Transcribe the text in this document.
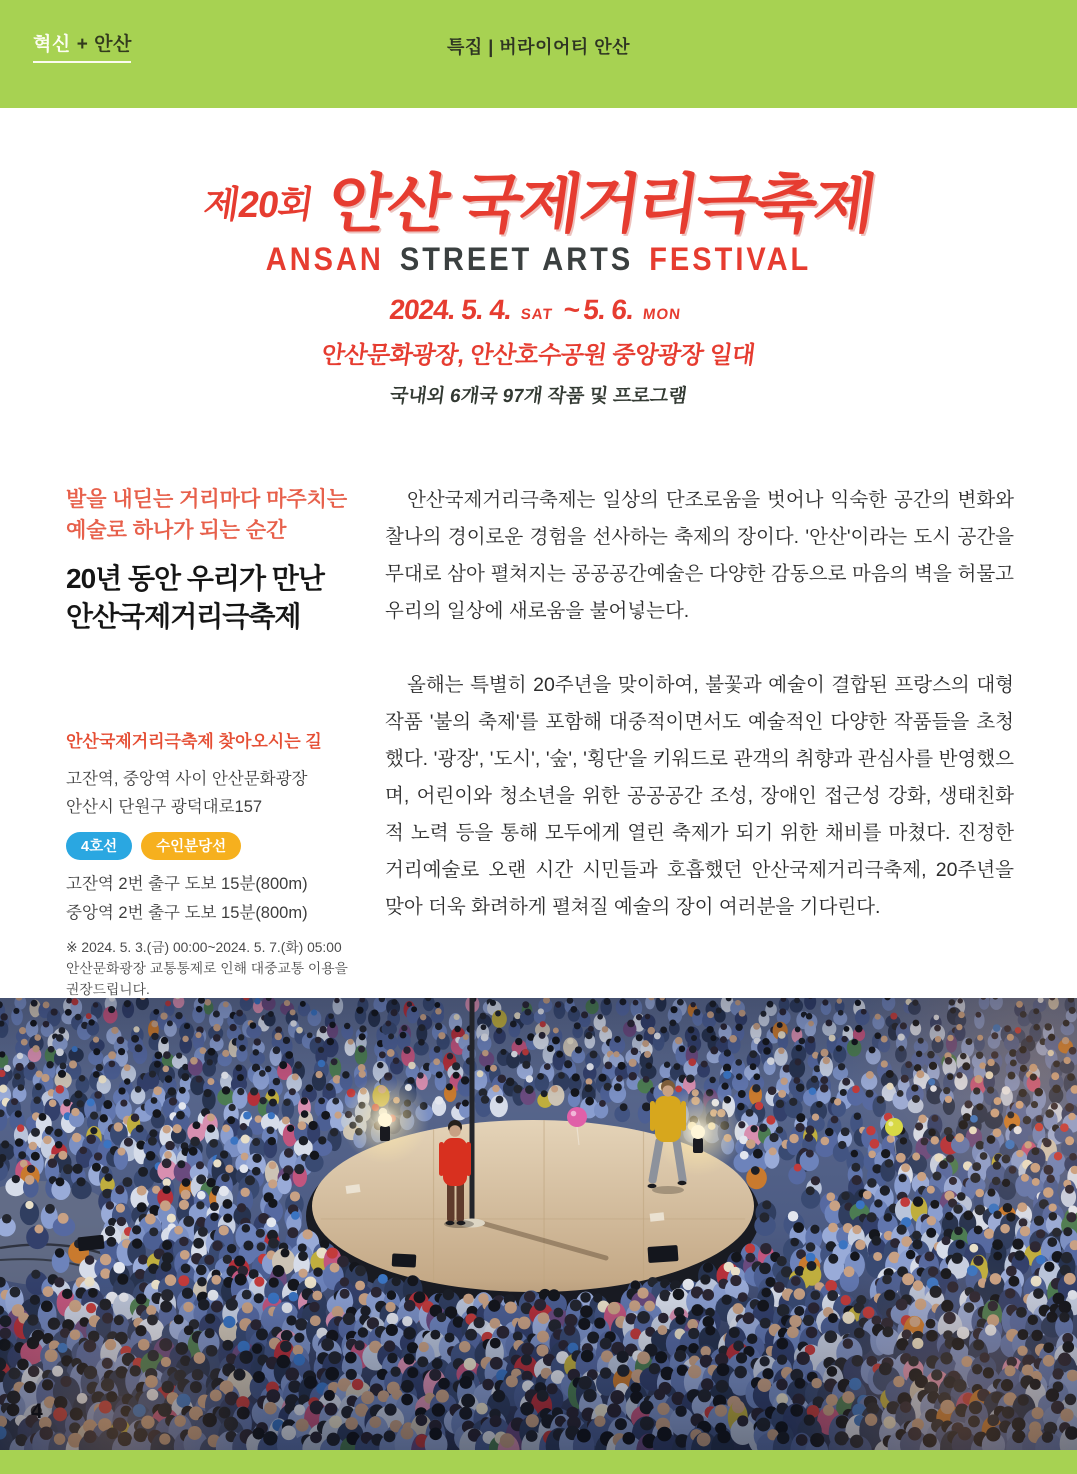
혁신 + 안산	특집 | 버라이어티 안산
제20회 안산 국제거리극축제
ANSAN STREET ARTS FESTIVAL
2024. 5. 4. SAT ~ 5. 6. MON
안산문화광장, 안산호수공원 중앙광장 일대
국내외 6개국 97개 작품 및 프로그램
발을 내딛는 거리마다 마주치는
예술로 하나가 되는 순간
20년 동안 우리가 만난
안산국제거리극축제
안산국제거리극축제 찾아오시는 길
고잔역, 중앙역 사이 안산문화광장
안산시 단원구 광덕대로157
4호선	수인분당선
고잔역 2번 출구 도보 15분(800m)
중앙역 2번 출구 도보 15분(800m)
※ 2024. 5. 3.(금) 00:00~2024. 5. 7.(화) 05:00
안산문화광장 교통통제로 인해 대중교통 이용을
권장드립니다.

안산국제거리극축제는 일상의 단조로움을 벗어나 익숙한 공간의 변화와 찰나의 경이로운 경험을 선사하는 축제의 장이다. '안산'이라는 도시 공간을 무대로 삼아 펼쳐지는 공공공간예술은 다양한 감동으로 마음의 벽을 허물고 우리의 일상에 새로움을 불어넣는다.

올해는 특별히 20주년을 맞이하여, 불꽃과 예술이 결합된 프랑스의 대형 작품 '불의 축제'를 포함해 대중적이면서도 예술적인 다양한 작품들을 초청했다. '광장', '도시', '숲', '횡단'을 키워드로 관객의 취향과 관심사를 반영했으며, 어린이와 청소년을 위한 공공공간 조성, 장애인 접근성 강화, 생태친화적 노력 등을 통해 모두에게 열린 축제가 되기 위한 채비를 마쳤다. 진정한 거리예술로 오랜 시간 시민들과 호흡했던 안산국제거리극축제, 20주년을 맞아 더욱 화려하게 펼쳐질 예술의 장이 여러분을 기다린다.

4
